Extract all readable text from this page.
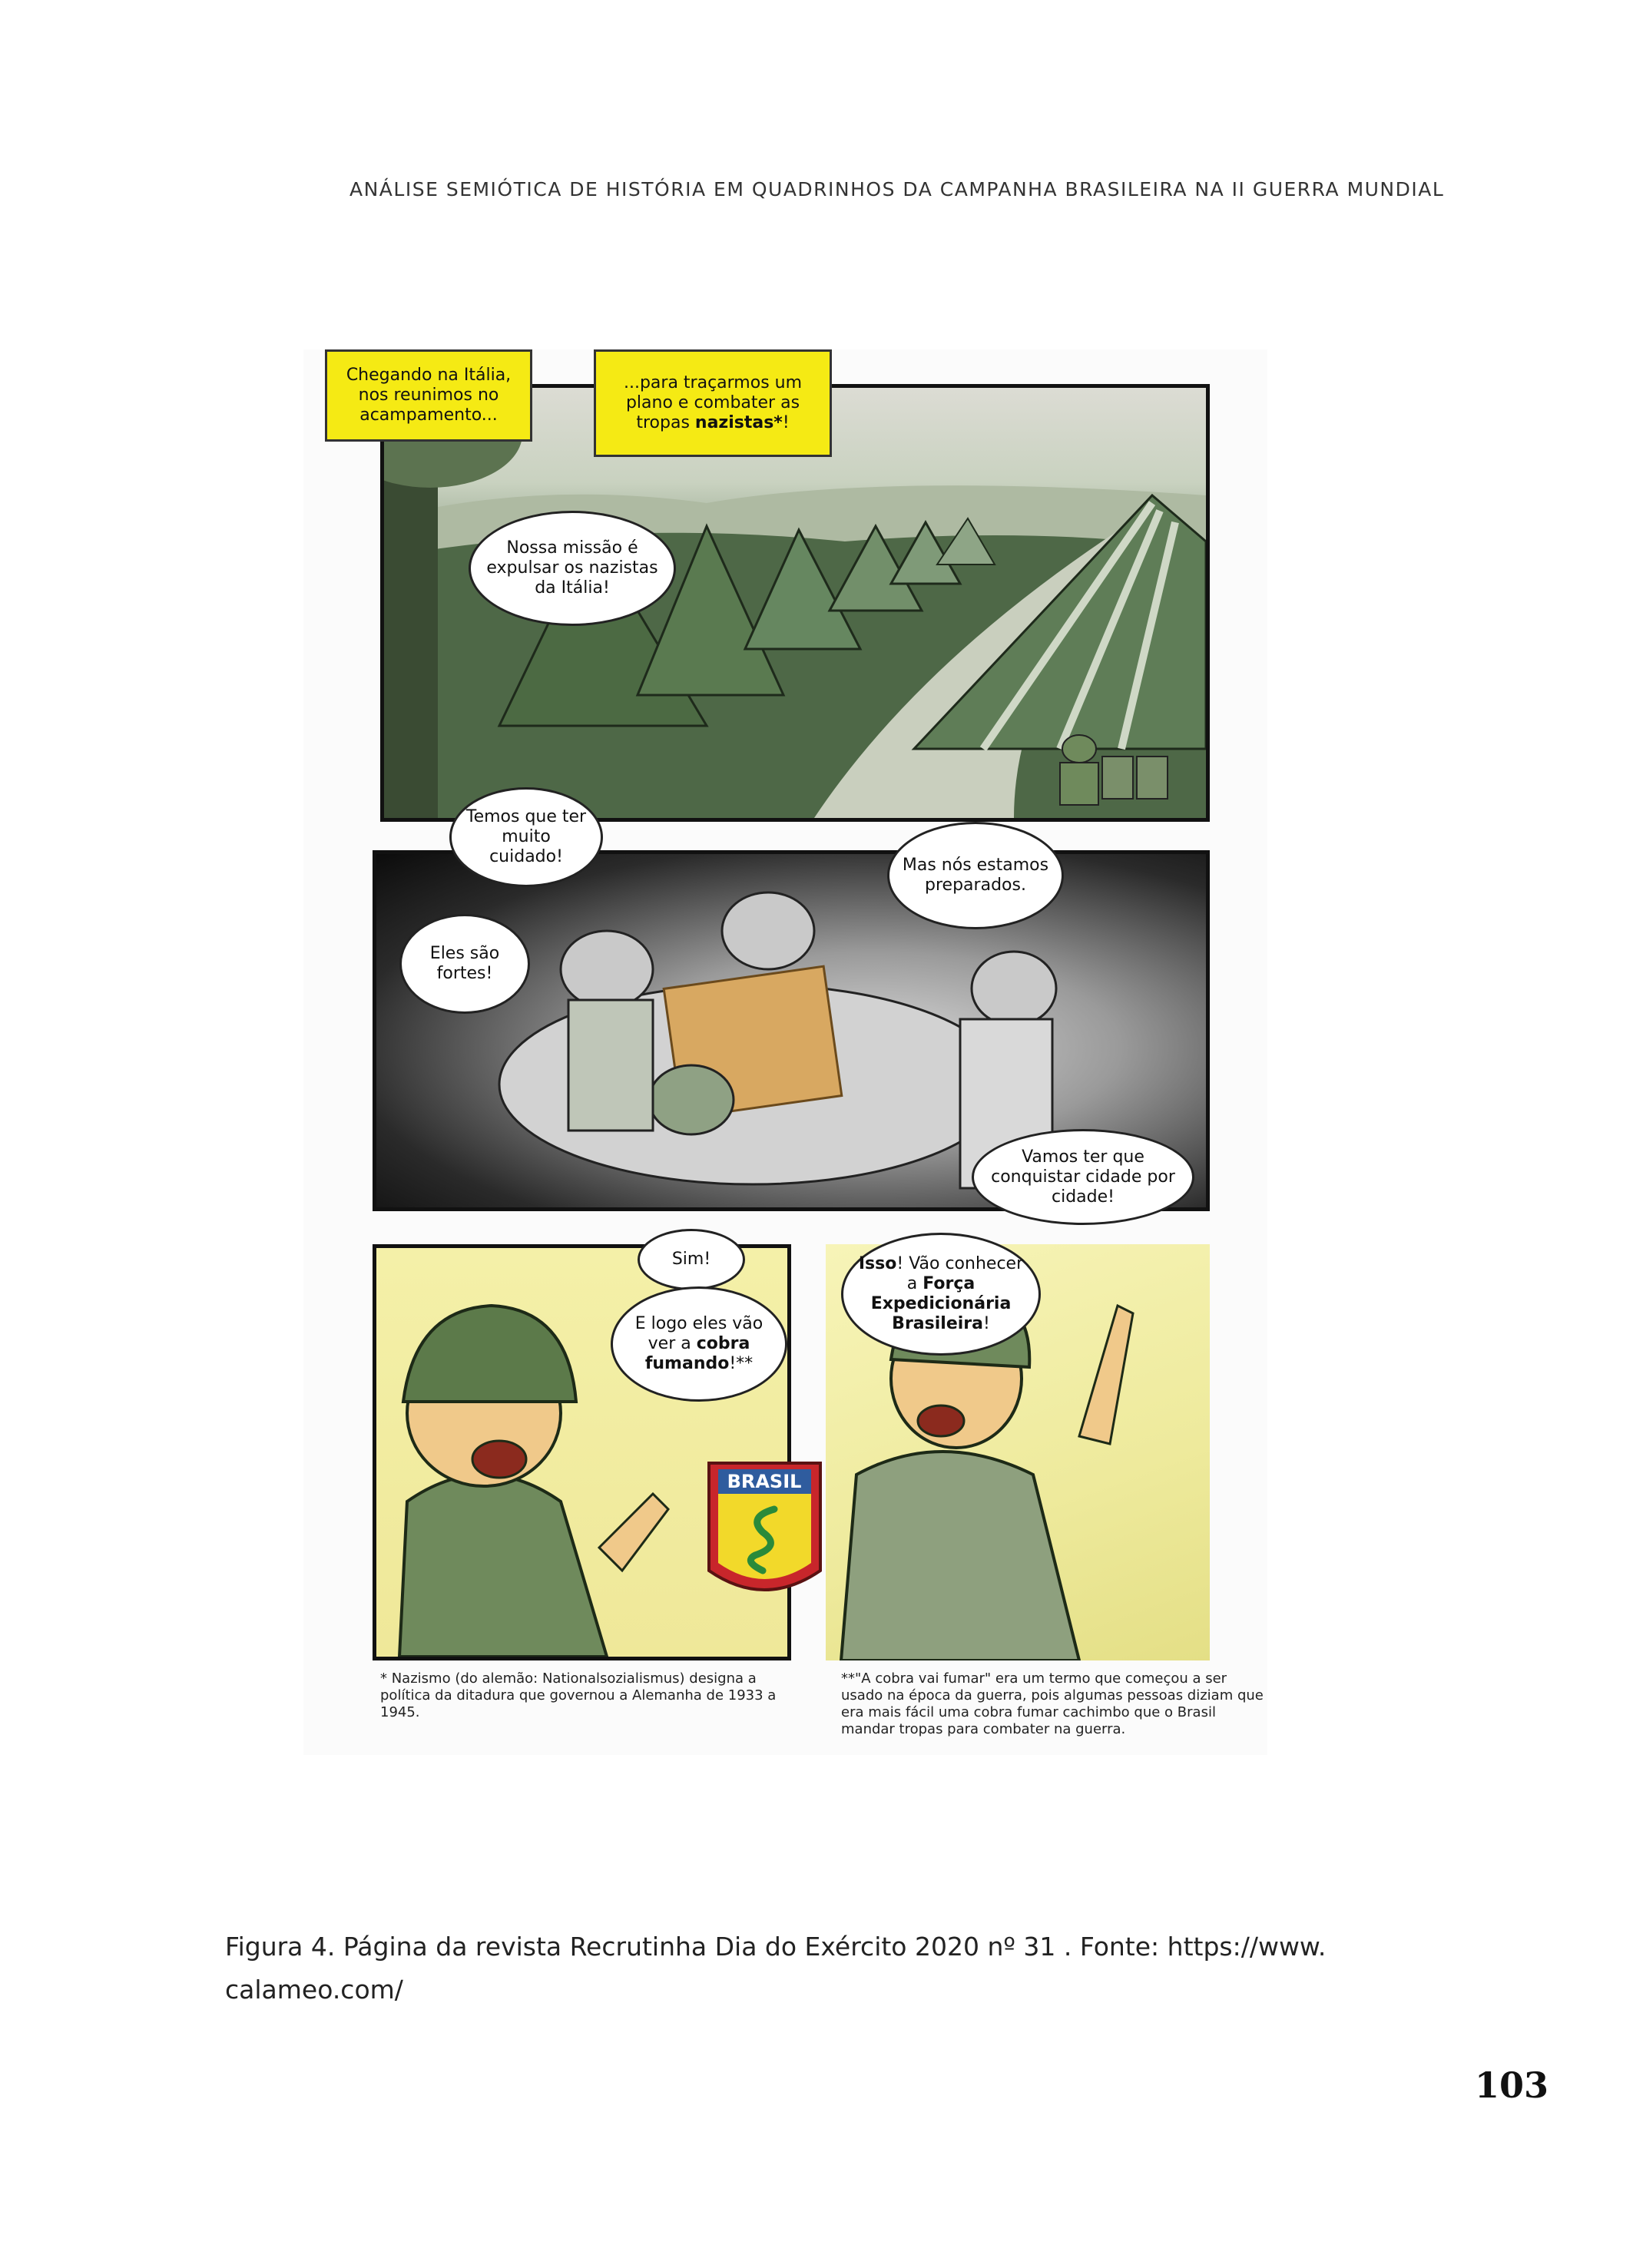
ANÁLISE SEMIÓTICA DE HISTÓRIA EM QUADRINHOS DA CAMPANHA BRASILEIRA NA II GUERRA MUNDIAL
Chegando na Itália, nos reunimos no acampamento...
...para traçarmos um plano e combater as tropas nazistas*!
Nossa missão é expulsar os nazistas da Itália!
Temos que ter muito cuidado!
Eles são fortes!
Mas nós estamos preparados.
Vamos ter que conquistar cidade por cidade!
Sim!
E logo eles vão ver a cobra fumando!**
BRASIL
Isso! Vão conhecer a Força Expedicionária Brasileira!
* Nazismo (do alemão: Nationalsozialismus) designa a política da ditadura que governou a Alemanha de 1933 a 1945.
**"A cobra vai fumar" era um termo que começou a ser usado na época da guerra, pois algumas pessoas diziam que era mais fácil uma cobra fumar cachimbo que o Brasil mandar tropas para combater na guerra.
Figura 4. Página da revista Recrutinha Dia do Exército 2020 nº 31 . Fonte: https://www. calameo.com/
103
